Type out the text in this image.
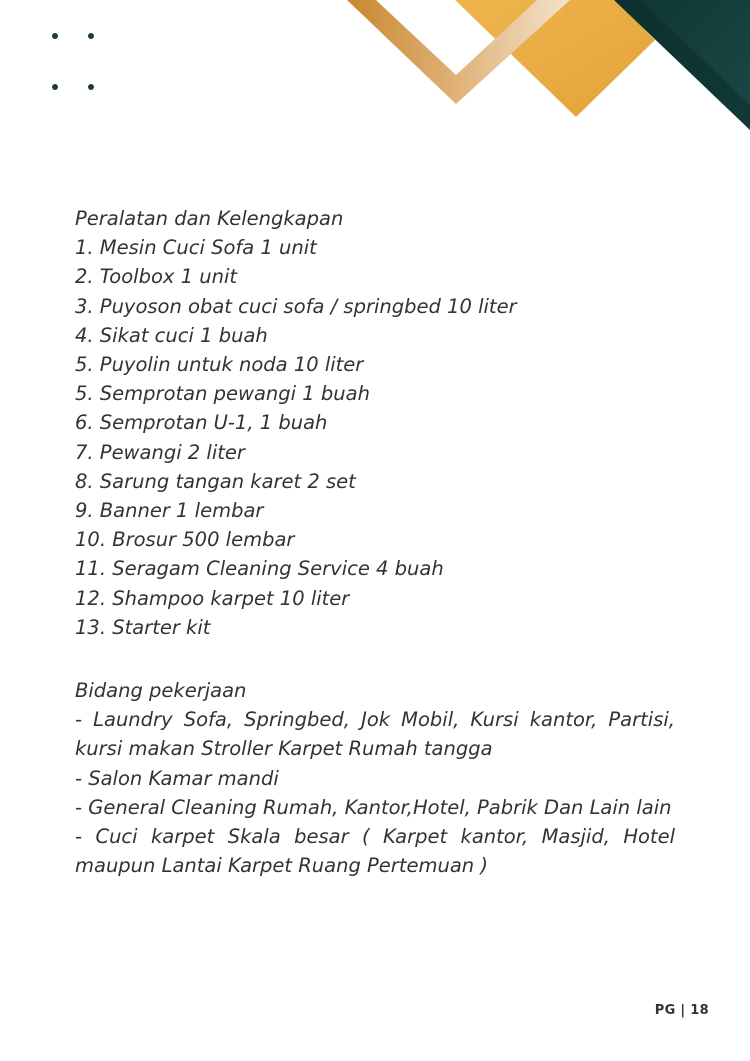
Peralatan dan Kelengkapan
1. Mesin Cuci Sofa 1 unit
2. Toolbox 1 unit
3. Puyoson obat cuci sofa / springbed 10 liter
4. Sikat cuci 1 buah
5. Puyolin untuk noda 10 liter
5. Semprotan pewangi 1 buah
6. Semprotan U-1, 1 buah
7. Pewangi 2 liter
8. Sarung tangan karet 2 set
9. Banner 1 lembar
10. Brosur 500 lembar
11. Seragam Cleaning Service 4 buah
12. Shampoo karpet 10 liter
13. Starter kit
Bidang pekerjaan
- Laundry Sofa, Springbed, Jok Mobil, Kursi kantor, Partisi, kursi makan Stroller Karpet Rumah tangga
- Salon Kamar mandi
- General Cleaning Rumah, Kantor,Hotel, Pabrik Dan Lain lain
- Cuci karpet Skala besar ( Karpet kantor, Masjid, Hotel maupun Lantai Karpet Ruang Pertemuan )
PG | 18
